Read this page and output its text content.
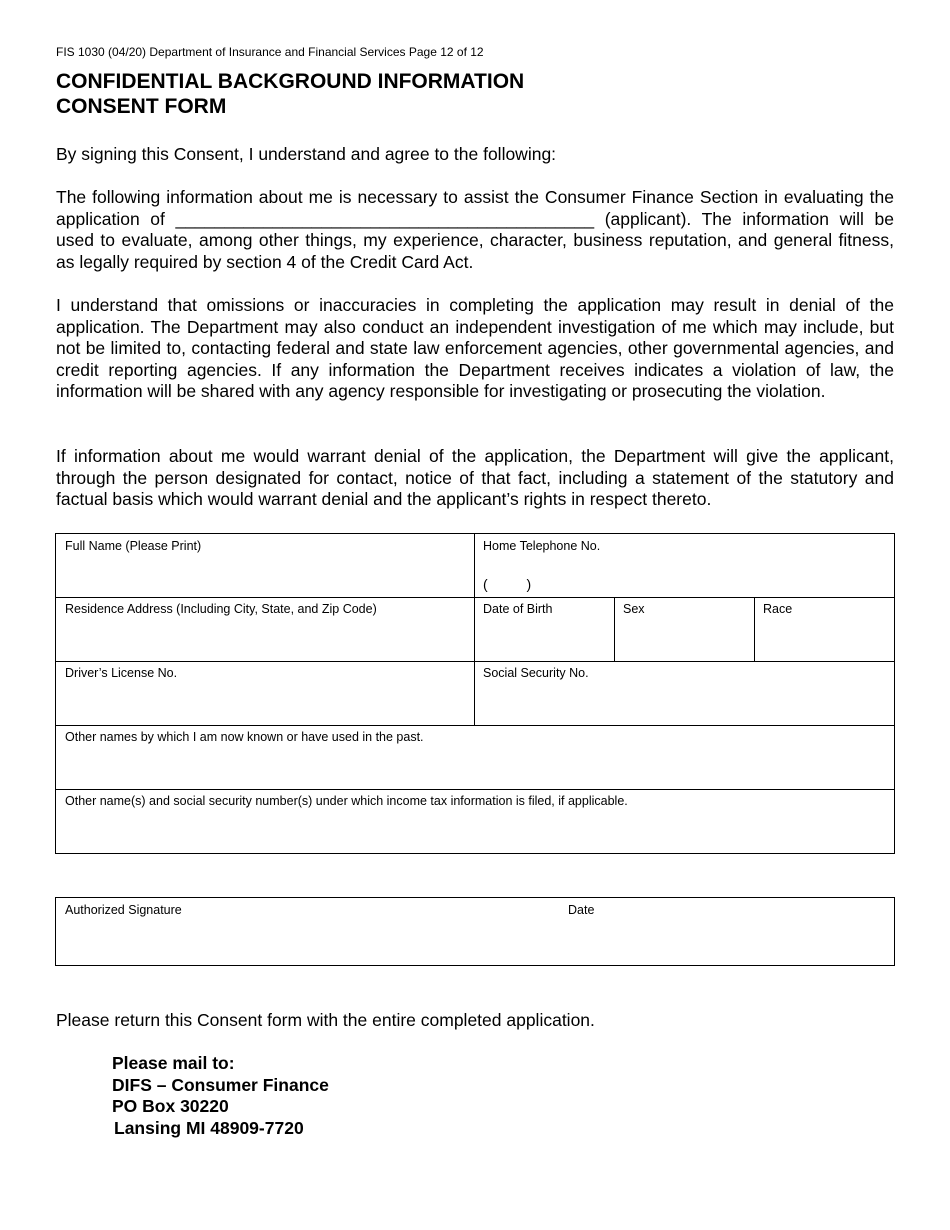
FIS 1030 (04/20) Department of Insurance and Financial Services Page 12 of 12
CONFIDENTIAL BACKGROUND INFORMATION
CONSENT FORM
By signing this Consent, I understand and agree to the following:
The following information about me is necessary to assist the Consumer Finance Section in evaluating the application of ___________________________________________ (applicant). The information will be used to evaluate, among other things, my experience, character, business reputation, and general fitness, as legally required by section 4 of the Credit Card Act.
I understand that omissions or inaccuracies in completing the application may result in denial of the application. The Department may also conduct an independent investigation of me which may include, but not be limited to, contacting federal and state law enforcement agencies, other governmental agencies, and credit reporting agencies. If any information the Department receives indicates a violation of law, the information will be shared with any agency responsible for investigating or prosecuting the violation.
If information about me would warrant denial of the application, the Department will give the applicant, through the person designated for contact, notice of that fact, including a statement of the statutory and factual basis which would warrant denial and the applicant’s rights in respect thereto.
Full Name (Please Print)	Home Telephone No.
(          )
Residence Address (Including City, State, and Zip Code)	Date of Birth	Sex	Race
Driver’s License No.	Social Security No.
Other names by which I am now known or have used in the past.
Other name(s) and social security number(s) under which income tax information is filed, if applicable.
Authorized Signature	Date
Please return this Consent form with the entire completed application.
Please mail to:
DIFS – Consumer Finance
PO Box 30220
Lansing MI 48909-7720
